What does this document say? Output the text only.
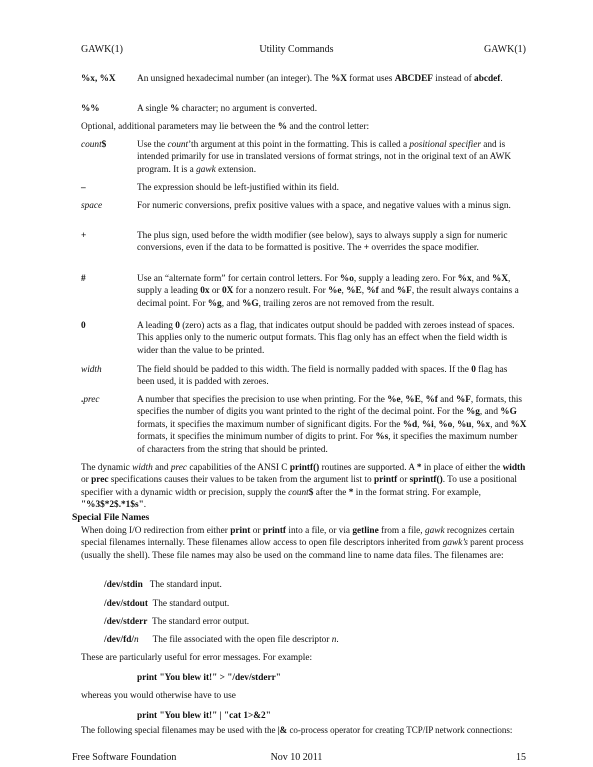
GAWK(1)	Utility Commands	GAWK(1)
%x, %X An unsigned hexadecimal number (an integer). The %X format uses ABCDEF instead of abcdef.

%%	A single % character; no argument is converted.

Optional, additional parameters may lie between the % and the control letter:

count$	Use the count’th argument at this point in the formatting. This is called a positional specifier and is intended primarily for use in translated versions of format strings, not in the original text of an AWK program. It is a gawk extension.

–	The expression should be left-justified within its field.

space	For numeric conversions, prefix positive values with a space, and negative values with a minus sign.

+	The plus sign, used before the width modifier (see below), says to always supply a sign for numeric conversions, even if the data to be formatted is positive. The + overrides the space modifier.

#	Use an “alternate form” for certain control letters. For %o, supply a leading zero. For %x, and %X, supply a leading 0x or 0X for a nonzero result. For %e, %E, %f and %F, the result always contains a decimal point. For %g, and %G, trailing zeros are not removed from the result.

0	A leading 0 (zero) acts as a flag, that indicates output should be padded with zeroes instead of spaces. This applies only to the numeric output formats. This flag only has an effect when the field width is wider than the value to be printed.

width	The field should be padded to this width. The field is normally padded with spaces. If the 0 flag has been used, it is padded with zeroes.

.prec	A number that specifies the precision to use when printing. For the %e, %E, %f and %F, formats, this specifies the number of digits you want printed to the right of the decimal point. For the %g, and %G formats, it specifies the maximum number of significant digits. For the %d, %i, %o, %u, %x, and %X formats, it specifies the minimum number of digits to print. For %s, it specifies the maximum number of characters from the string that should be printed.

The dynamic width and prec capabilities of the ANSI C printf() routines are supported. A * in place of either the width or prec specifications causes their values to be taken from the argument list to printf or sprintf(). To use a positional specifier with a dynamic width or precision, supply the count$ after the * in the format string. For example, "%3$*2$.*1$s".

Special File Names

When doing I/O redirection from either print or printf into a file, or via getline from a file, gawk recognizes certain special filenames internally. These filenames allow access to open file descriptors inherited from gawk’s parent process (usually the shell). These file names may also be used on the command line to name data files. The filenames are:

/dev/stdin The standard input.
/dev/stdout The standard output.
/dev/stderr The standard error output.
/dev/fd/n      The file associated with the open file descriptor n.

These are particularly useful for error messages. For example:

print "You blew it!" > "/dev/stderr"

whereas you would otherwise have to use

print "You blew it!" | "cat 1>&2"

The following special filenames may be used with the |& co-process operator for creating TCP/IP network connections:

Free Software Foundation	Nov 10 2011	15
